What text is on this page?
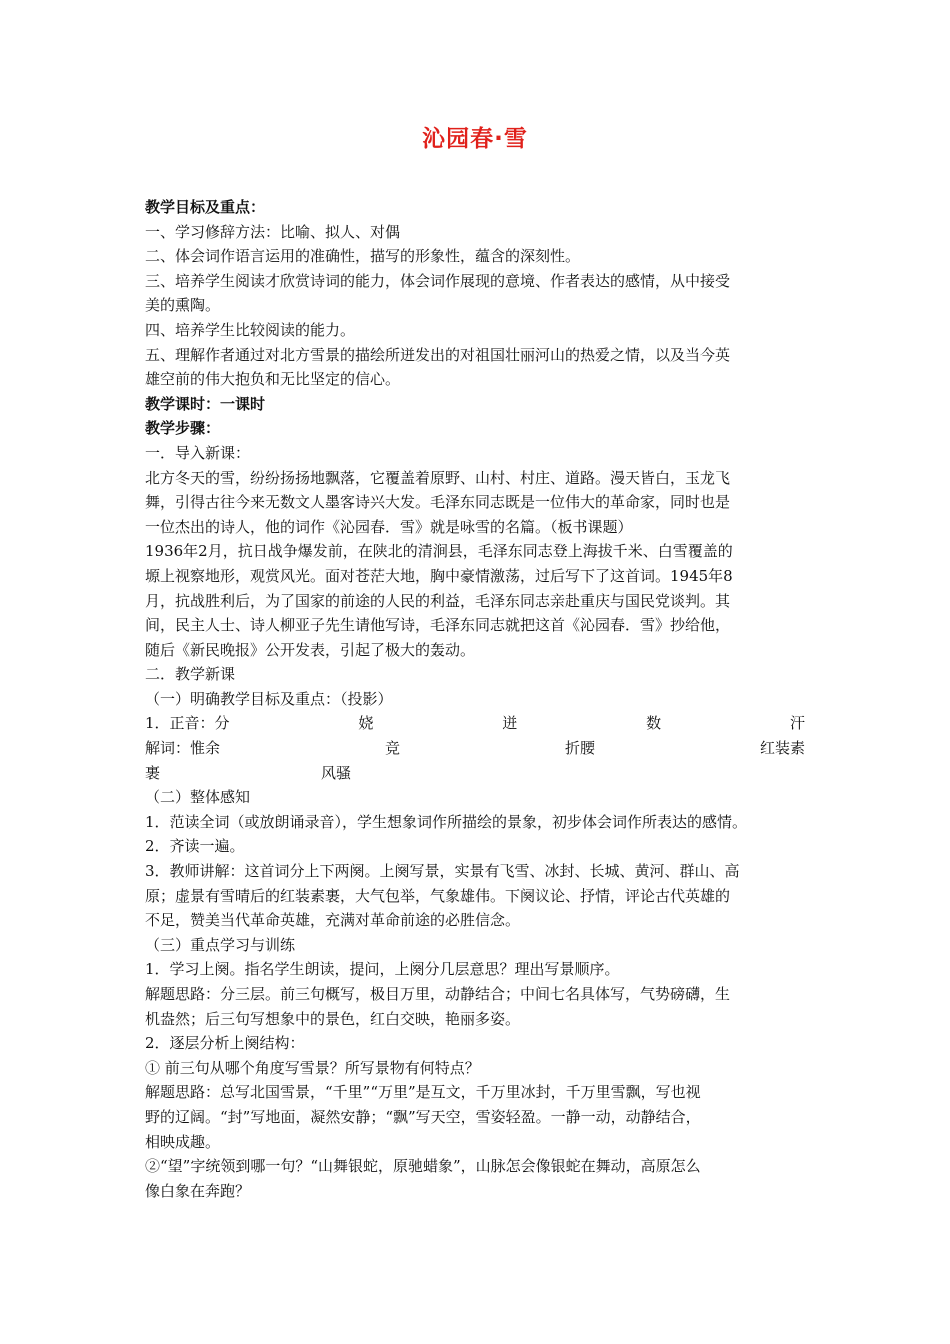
沁园春·雪
教学目标及重点：
一、学习修辞方法：比喻、拟人、对偶
二、体会词作语言运用的准确性，描写的形象性，蕴含的深刻性。
三、培养学生阅读才欣赏诗词的能力，体会词作展现的意境、作者表达的感情，从中接受
美的熏陶。
四、培养学生比较阅读的能力。
五、理解作者通过对北方雪景的描绘所迸发出的对祖国壮丽河山的热爱之情，以及当今英
雄空前的伟大抱负和无比坚定的信心。
教学课时：一课时
教学步骤：
一．导入新课：
北方冬天的雪，纷纷扬扬地飘落，它覆盖着原野、山村、村庄、道路。漫天皆白，玉龙飞
舞，引得古往今来无数文人墨客诗兴大发。毛泽东同志既是一位伟大的革命家，同时也是
一位杰出的诗人，他的词作《沁园春．雪》就是咏雪的名篇。（板书课题）
1936年2月，抗日战争爆发前，在陕北的清涧县，毛泽东同志登上海拔千米、白雪覆盖的
塬上视察地形，观赏风光。面对苍茫大地，胸中豪情激荡，过后写下了这首词。1945年8
月，抗战胜利后，为了国家的前途的人民的利益，毛泽东同志亲赴重庆与国民党谈判。其
间，民主人士、诗人柳亚子先生请他写诗，毛泽东同志就把这首《沁园春．雪》抄给他，
随后《新民晚报》公开发表，引起了极大的轰动。
二．教学新课
（一）明确教学目标及重点：（投影）
1．正音：分	娆	迸	数	汗
解词：惟余	竞	折腰	红装素
裹	风骚
（二）整体感知
1．范读全词（或放朗诵录音），学生想象词作所描绘的景象，初步体会词作所表达的感情。
2．齐读一遍。
3．教师讲解：这首词分上下两阕。上阕写景，实景有飞雪、冰封、长城、黄河、群山、高
原；虚景有雪晴后的红装素裹，大气包举，气象雄伟。下阕议论、抒情，评论古代英雄的
不足，赞美当代革命英雄，充满对革命前途的必胜信念。
（三）重点学习与训练
1．学习上阕。指名学生朗读，提问，上阕分几层意思？理出写景顺序。
解题思路：分三层。前三句概写，极目万里，动静结合；中间七名具体写，气势磅礴，生
机盎然；后三句写想象中的景色，红白交映，艳丽多姿。
2．逐层分析上阕结构：
① 前三句从哪个角度写雪景？所写景物有何特点？
解题思路：总写北国雪景，“千里”“万里”是互文，千万里冰封，千万里雪飘，写也视
野的辽阔。“封”写地面，凝然安静；“飘”写天空，雪姿轻盈。一静一动，动静结合，
相映成趣。
②“望”字统领到哪一句？“山舞银蛇，原驰蜡象”，山脉怎会像银蛇在舞动，高原怎么
像白象在奔跑？
